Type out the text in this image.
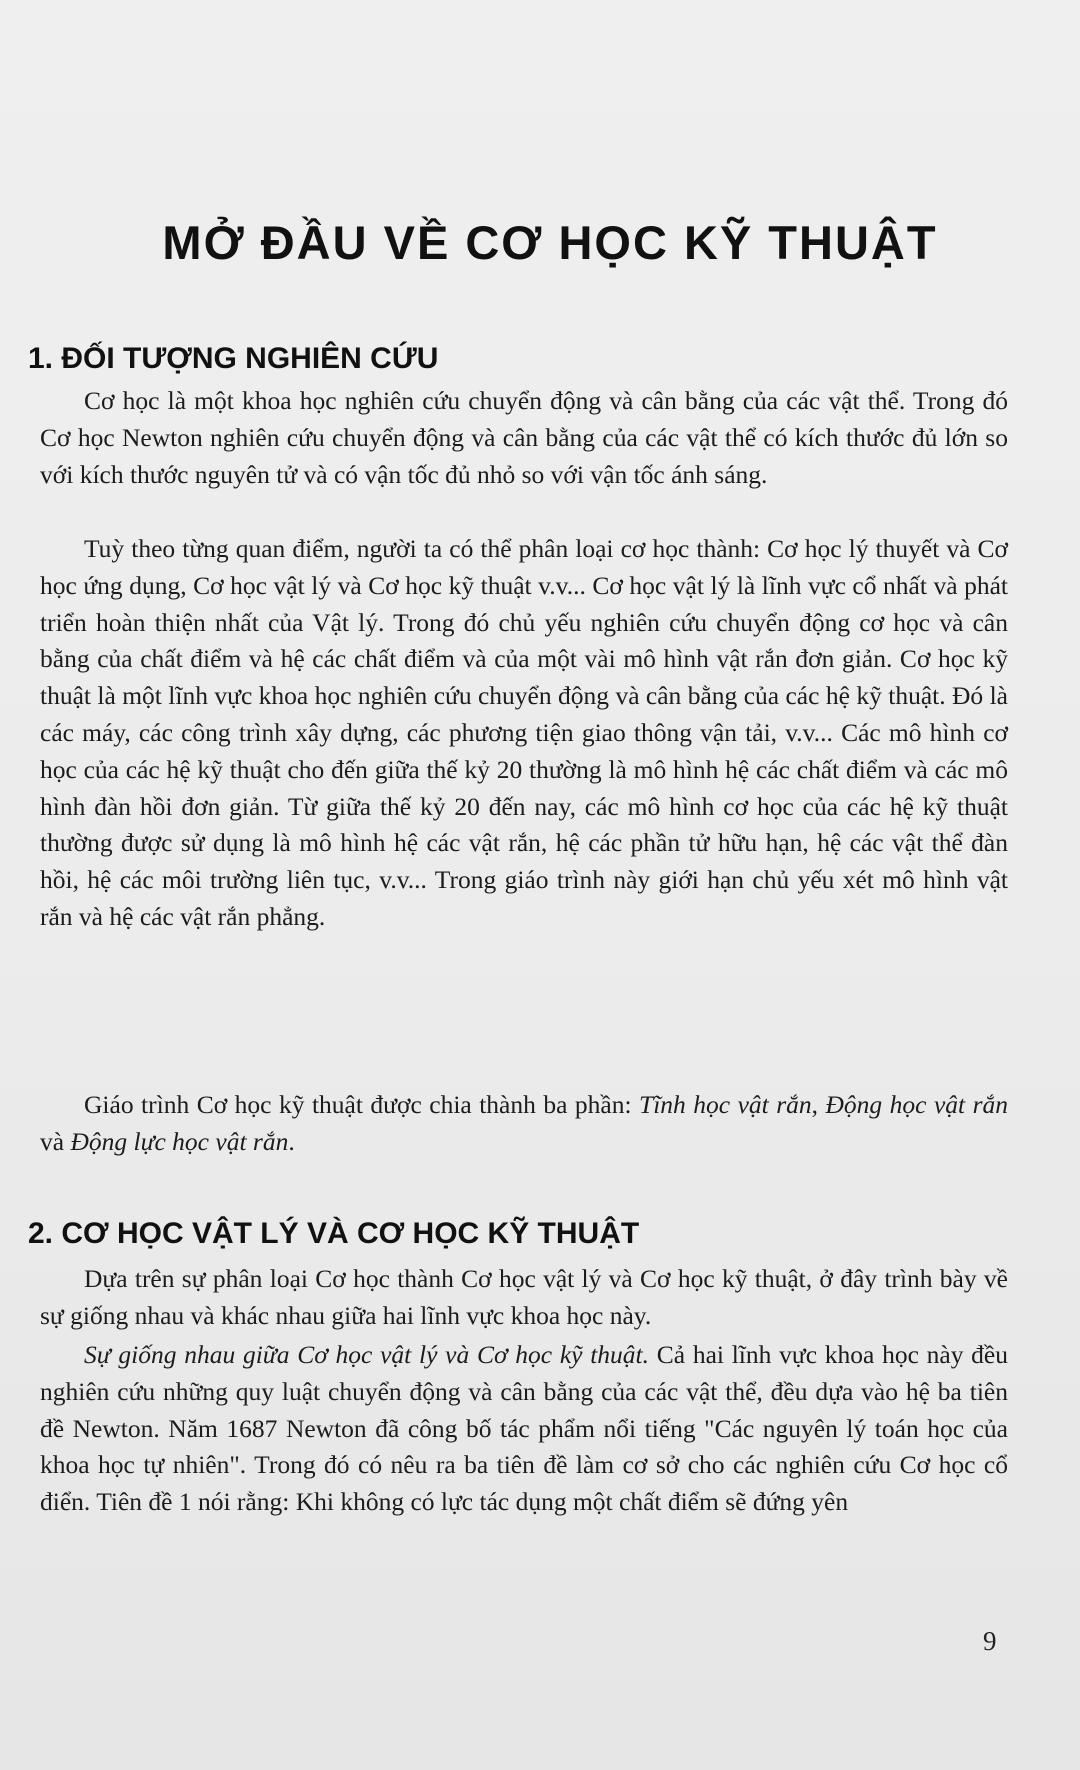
MỞ ĐẦU VỀ CƠ HỌC KỸ THUẬT
1. ĐỐI TƯỢNG NGHIÊN CỨU

Cơ học là một khoa học nghiên cứu chuyển động và cân bằng của các vật thể. Trong đó Cơ học Newton nghiên cứu chuyển động và cân bằng của các vật thể có kích thước đủ lớn so với kích thước nguyên tử và có vận tốc đủ nhỏ so với vận tốc ánh sáng.

Tuỳ theo từng quan điểm, người ta có thể phân loại cơ học thành: Cơ học lý thuyết và Cơ học ứng dụng, Cơ học vật lý và Cơ học kỹ thuật v.v... Cơ học vật lý là lĩnh vực cổ nhất và phát triển hoàn thiện nhất của Vật lý. Trong đó chủ yếu nghiên cứu chuyển động cơ học và cân bằng của chất điểm và hệ các chất điểm và của một vài mô hình vật rắn đơn giản. Cơ học kỹ thuật là một lĩnh vực khoa học nghiên cứu chuyển động và cân bằng của các hệ kỹ thuật. Đó là các máy, các công trình xây dựng, các phương tiện giao thông vận tải, v.v... Các mô hình cơ học của các hệ kỹ thuật cho đến giữa thế kỷ 20 thường là mô hình hệ các chất điểm và các mô hình đàn hồi đơn giản. Từ giữa thế kỷ 20 đến nay, các mô hình cơ học của các hệ kỹ thuật thường được sử dụng là mô hình hệ các vật rắn, hệ các phần tử hữu hạn, hệ các vật thể đàn hồi, hệ các môi trường liên tục, v.v... Trong giáo trình này giới hạn chủ yếu xét mô hình vật rắn và hệ các vật rắn phẳng.

Giáo trình Cơ học kỹ thuật được chia thành ba phần: Tĩnh học vật rắn, Động học vật rắn và Động lực học vật rắn.

2. CƠ HỌC VẬT LÝ VÀ CƠ HỌC KỸ THUẬT

Dựa trên sự phân loại Cơ học thành Cơ học vật lý và Cơ học kỹ thuật, ở đây trình bày về sự giống nhau và khác nhau giữa hai lĩnh vực khoa học này.

Sự giống nhau giữa Cơ học vật lý và Cơ học kỹ thuật. Cả hai lĩnh vực khoa học này đều nghiên cứu những quy luật chuyển động và cân bằng của các vật thể, đều dựa vào hệ ba tiên đề Newton. Năm 1687 Newton đã công bố tác phẩm nổi tiếng "Các nguyên lý toán học của khoa học tự nhiên". Trong đó có nêu ra ba tiên đề làm cơ sở cho các nghiên cứu Cơ học cổ điển. Tiên đề 1 nói rằng: Khi không có lực tác dụng một chất điểm sẽ đứng yên

9
